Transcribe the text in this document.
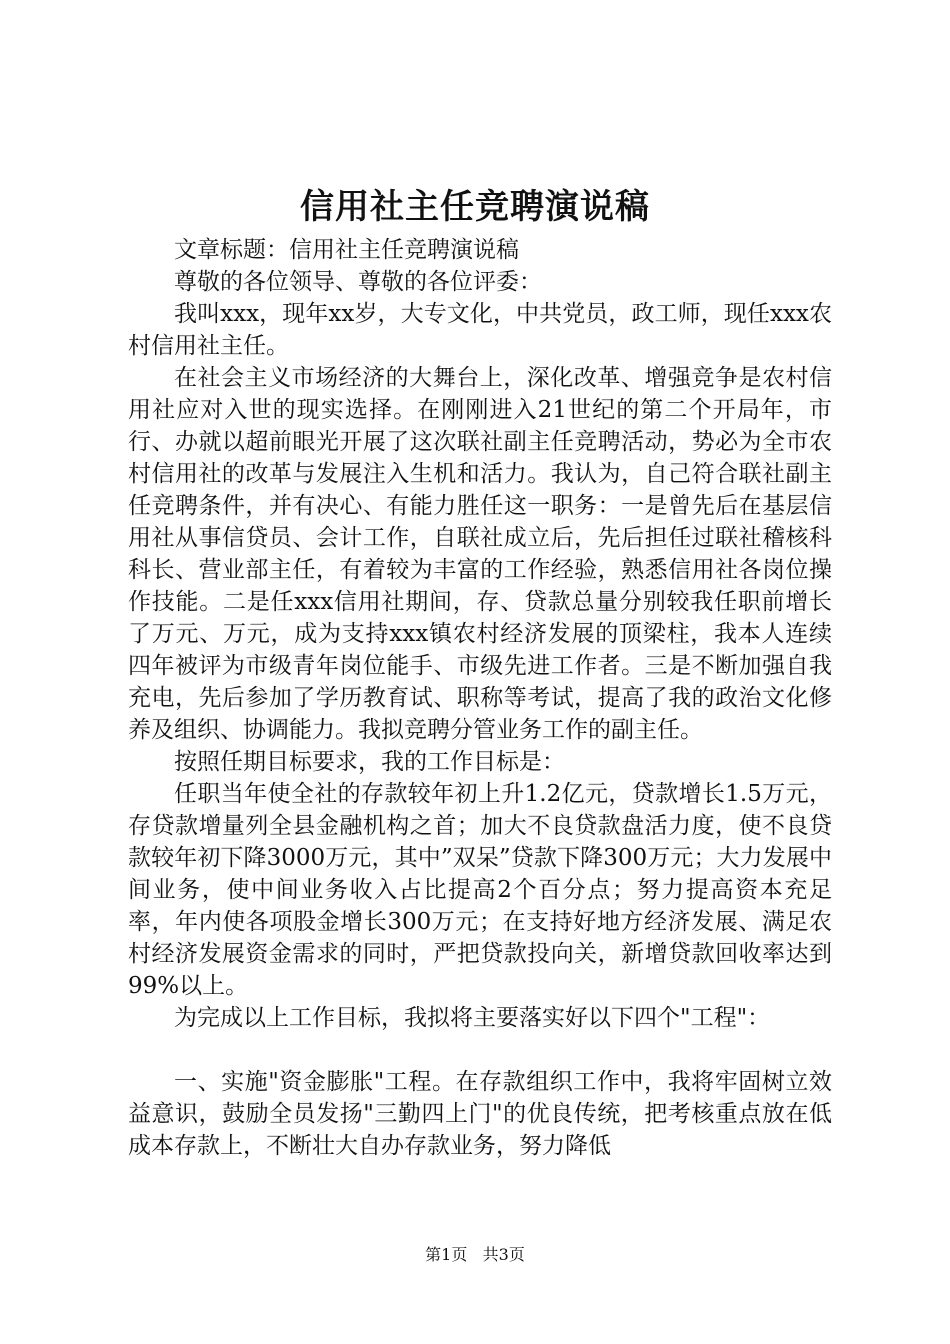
信用社主任竞聘演说稿

文章标题：信用社主任竞聘演说稿

尊敬的各位领导、尊敬的各位评委：

我叫xxx，现年xx岁，大专文化，中共党员，政工师，现任xxx农村信用社主任。

在社会主义市场经济的大舞台上，深化改革、增强竞争是农村信用社应对入世的现实选择。在刚刚进入21世纪的第二个开局年，市行、办就以超前眼光开展了这次联社副主任竞聘活动，势必为全市农村信用社的改革与发展注入生机和活力。我认为，自己符合联社副主任竞聘条件，并有决心、有能力胜任这一职务：一是曾先后在基层信用社从事信贷员、会计工作，自联社成立后，先后担任过联社稽核科科长、营业部主任，有着较为丰富的工作经验，熟悉信用社各岗位操作技能。二是任xxx信用社期间，存、贷款总量分别较我任职前增长了万元、万元，成为支持xxx镇农村经济发展的顶梁柱，我本人连续四年被评为市级青年岗位能手、市级先进工作者。三是不断加强自我充电，先后参加了学历教育试、职称等考试，提高了我的政治文化修养及组织、协调能力。我拟竞聘分管业务工作的副主任。

按照任期目标要求，我的工作目标是：

任职当年使全社的存款较年初上升1.2亿元，贷款增长1.5万元，存贷款增量列全县金融机构之首；加大不良贷款盘活力度，使不良贷款较年初下降3000万元，其中”双呆”贷款下降300万元；大力发展中间业务，使中间业务收入占比提高2个百分点；努力提高资本充足率，年内使各项股金增长300万元；在支持好地方经济发展、满足农村经济发展资金需求的同时，严把贷款投向关，新增贷款回收率达到99%以上。

为完成以上工作目标，我拟将主要落实好以下四个"工程"：

一、实施"资金膨胀"工程。在存款组织工作中，我将牢固树立效益意识，鼓励全员发扬"三勤四上门"的优良传统，把考核重点放在低成本存款上，不断壮大自办存款业务，努力降低

第1页 共3页
